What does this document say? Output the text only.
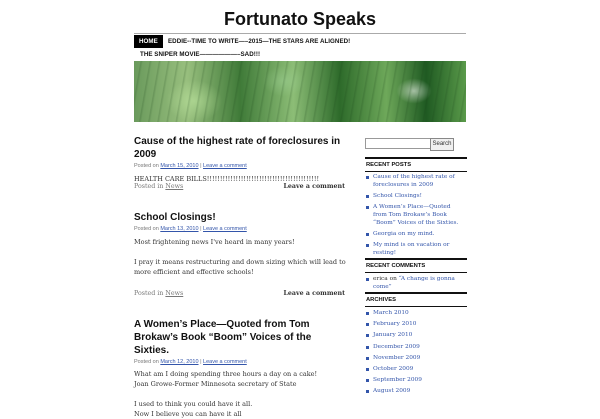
Fortunato Speaks
HOME	EDDIE--TIME TO WRITE—–2015—THE STARS ARE ALIGNED!
THE SNIPER MOVIE——————–SAD!!!
Cause of the highest rate of foreclosures in 2009
Posted on March 15, 2010 | Leave a comment

HEALTH CARE BILLS!!!!!!!!!!!!!!!!!!!!!!!!!!!!!!!!!!!!!!!!!!!

Posted in News	Leave a comment
School Closings!
Posted on March 13, 2010 | Leave a comment

Most frightening news I've heard in many years!

I pray it means restructuring and down sizing which will lead to more efficient and effective schools!

Posted in News	Leave a comment
A Women’s Place—Quoted from Tom Brokaw’s Book “Boom” Voices of the Sixties.
Posted on March 12, 2010 | Leave a comment

What am I doing spending three hours a day on a cake!

Joan Growe-Former Minnesota secretary of State

I used to think you could have it all.

Now I believe you can have it all

Search
RECENT POSTS
Cause of the highest rate of foreclosures in 2009
School Closings!
A Women’s Place—Quoted from Tom Brokaw’s Book “Boom” Voices of the Sixties.
Georgia on my mind.
My mind is on vacation or resting!
RECENT COMMENTS
erica on “A change is gonna come”
ARCHIVES
March 2010
February 2010
January 2010
December 2009
November 2009
October 2009
September 2009
August 2009
